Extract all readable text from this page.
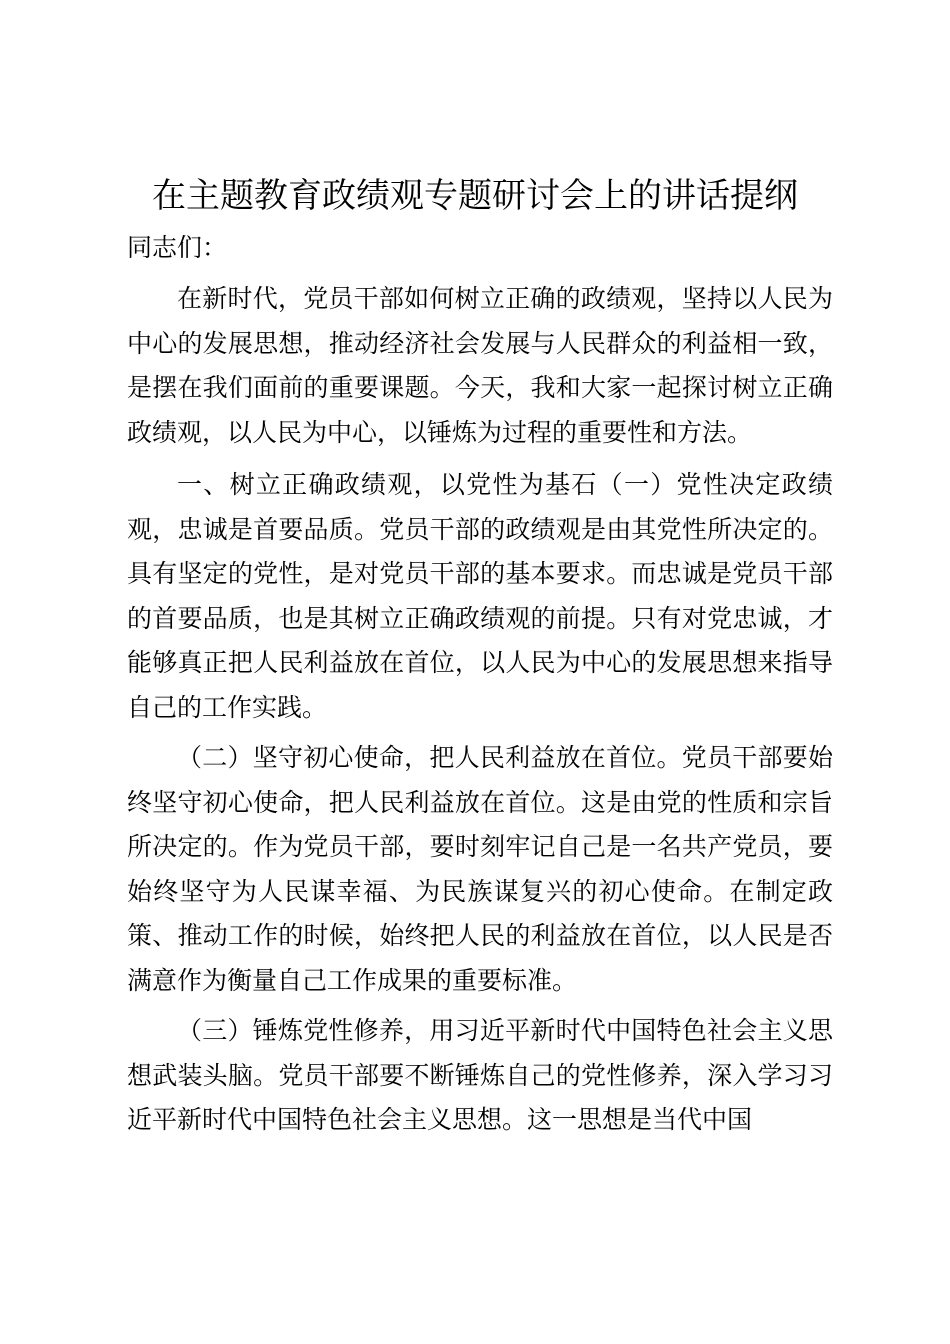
在主题教育政绩观专题研讨会上的讲话提纲

同志们：

在新时代，党员干部如何树立正确的政绩观，坚持以人民为中心的发展思想，推动经济社会发展与人民群众的利益相一致，是摆在我们面前的重要课题。今天，我和大家一起探讨树立正确政绩观，以人民为中心，以锤炼为过程的重要性和方法。

一、树立正确政绩观，以党性为基石（一）党性决定政绩观，忠诚是首要品质。党员干部的政绩观是由其党性所决定的。具有坚定的党性，是对党员干部的基本要求。而忠诚是党员干部的首要品质，也是其树立正确政绩观的前提。只有对党忠诚，才能够真正把人民利益放在首位，以人民为中心的发展思想来指导自己的工作实践。

（二）坚守初心使命，把人民利益放在首位。党员干部要始终坚守初心使命，把人民利益放在首位。这是由党的性质和宗旨所决定的。作为党员干部，要时刻牢记自己是一名共产党员，要始终坚守为人民谋幸福、为民族谋复兴的初心使命。在制定政策、推动工作的时候，始终把人民的利益放在首位，以人民是否满意作为衡量自己工作成果的重要标准。

（三）锤炼党性修养，用习近平新时代中国特色社会主义思想武装头脑。党员干部要不断锤炼自己的党性修养，深入学习习近平新时代中国特色社会主义思想。这一思想是当代中国
